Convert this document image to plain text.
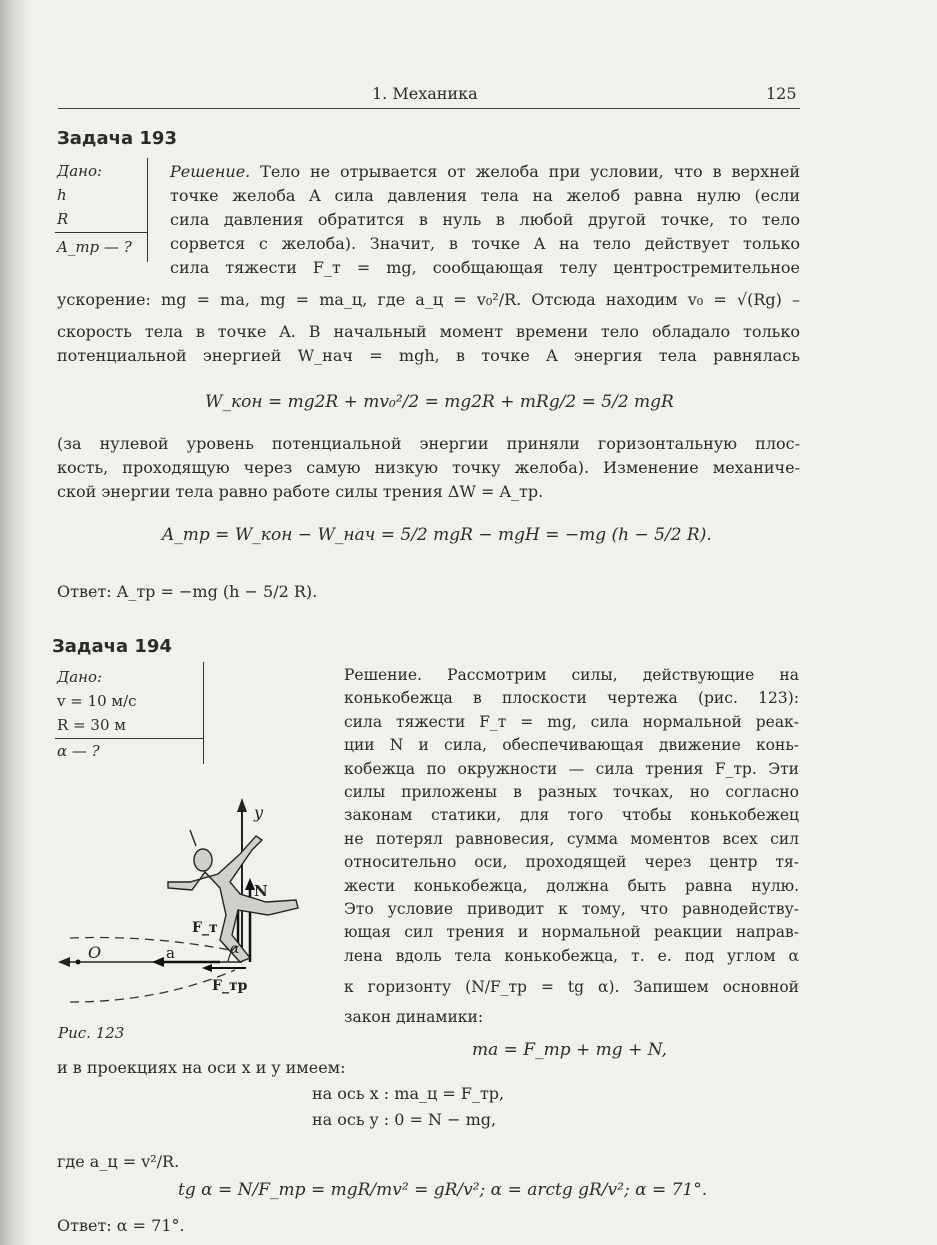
1. Механика	125
Задача 193
Дано:
h
R
A_тр — ?
Решение. Тело не отрывается от желоба при условии, что в верхней
точке желоба A сила давления тела на желоб равна нулю (если
сила давления обратится в нуль в любой другой точке, то тело
сорвется с желоба). Значит, в точке A на тело действует только
сила тяжести F_т = mg, сообщающая телу центростремительное
ускорение: mg = ma, mg = ma_ц, где a_ц = v₀²/R. Отсюда находим v₀ = √(Rg) –
скорость тела в точке A. В начальный момент времени тело обладало только
потенциальной энергией W_нач = mgh, в точке A энергия тела равнялась
W_кон = mg2R + mv₀²/2 = mg2R + mRg/2 = 5/2 mgR
(за нулевой уровень потенциальной энергии приняли горизонтальную плос-
кость, проходящую через самую низкую точку желоба). Изменение механиче-
ской энергии тела равно работе силы трения ΔW = A_тр.
A_тр = W_кон − W_нач = 5/2 mgR − mgH = −mg (h − 5/2 R).
Ответ: A_тр = −mg (h − 5/2 R).
Задача 194
Дано:
v = 10 м/с
R = 30 м
α — ?
Решение. Рассмотрим силы, действующие на
конькобежца в плоскости чертежа (рис. 123):
сила тяжести F_т = mg, сила нормальной реак-
ции N и сила, обеспечивающая движение конь-
кобежца по окружности — сила трения F_тр. Эти
силы приложены в разных точках, но согласно
законам статики, для того чтобы конькобежец
не потерял равновесия, сумма моментов всех сил
относительно оси, проходящей через центр тя-
жести конькобежца, должна быть равна нулю.
Это условие приводит к тому, что равнодейству-
ющая сил трения и нормальной реакции направ-
лена вдоль тела конькобежца, т. е. под углом α
к горизонту (N/F_тр = tg α). Запишем основной
закон динамики:
y
N
F_т
α
a
O
F_тр
Рис. 123
ma = F_тр + mg + N,
и в проекциях на оси x и y имеем:
на ось x : ma_ц = F_тр,
на ось y : 0 = N − mg,
где a_ц = v²/R.
tg α = N/F_тр = mgR/mv² = gR/v²; α = arctg gR/v²; α = 71°.
Ответ: α = 71°.
